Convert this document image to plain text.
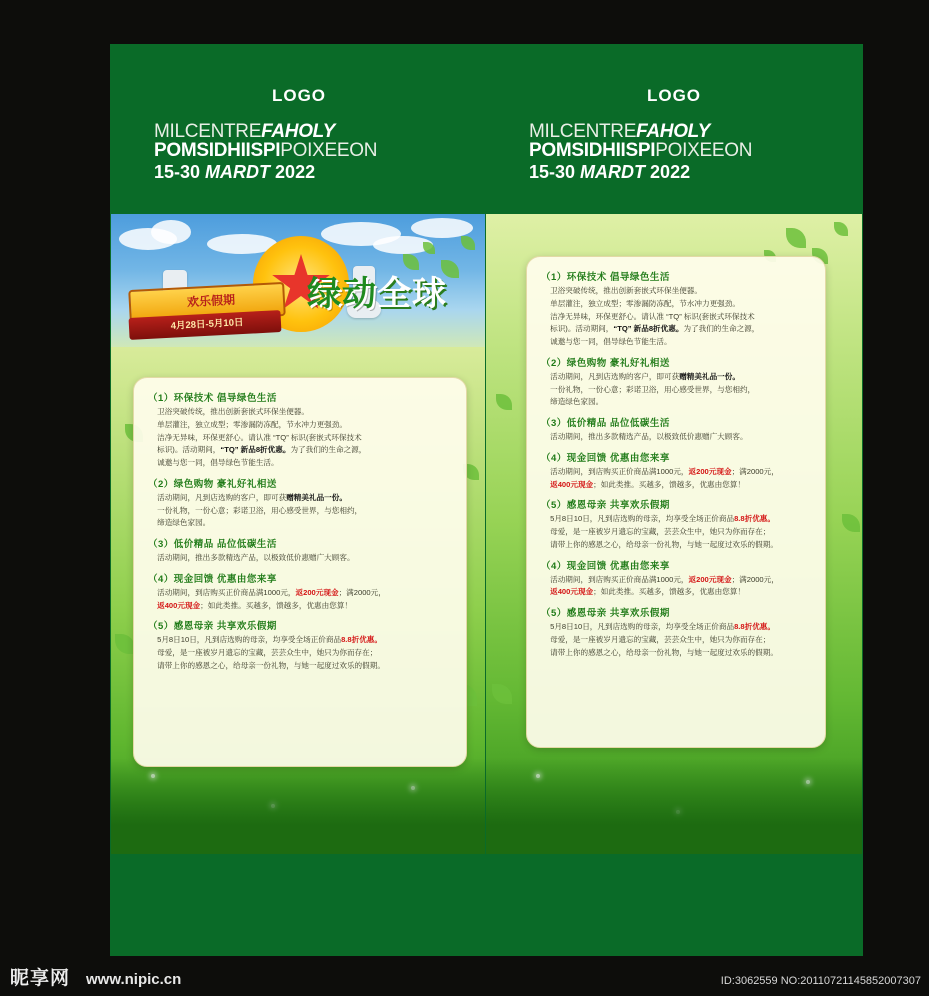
LOGO
MILCENTREFAHOLY
POMSIDHIISPIPOIXEEON
15-30 MARDT 2022
欢乐假期
4月28日-5月10日
绿动全球
（1）环保技术 倡导绿色生活

卫浴突破传统，推出创新套嵌式环保坐便器。

单层灌注，独立成型；零渗漏防冻配，节水冲力更强劲。

洁净无异味，环保更舒心。请认准 “TQ” 标识(套嵌式环保技术

标识)。活动期间，“TQ” 新品8折优惠。为了我们的生命之源，

诚邀与您一同，倡导绿色节能生活。

（2）绿色购物 豪礼好礼相送

活动期间，凡到店选购的客户，即可获赠精美礼品一份。

一份礼物，一份心意；彩诺卫浴，用心感受世界，与您相约，

缔造绿色家园。

（3）低价精品 品位低碳生活

活动期间，推出多款精选产品，以极致低价惠赠广大顾客。

（4）现金回馈 优惠由您来享

活动期间，到店购买正价商品满1000元，返200元现金；满2000元，

返400元现金；如此类推。买越多，馈越多，优惠由您算！

（5）感恩母亲 共享欢乐假期

5月8日10日，凡到店选购的母亲，均享受全场正价商品8.8折优惠。

母爱，是一座被岁月遗忘的宝藏，芸芸众生中，她只为你而存在；

请带上你的感恩之心，给母亲一份礼物，与她一起度过欢乐的假期。

LOGO
MILCENTREFAHOLY
POMSIDHIISPIPOIXEEON
15-30 MARDT 2022
（1）环保技术 倡导绿色生活

卫浴突破传统，推出创新套嵌式环保坐便器。

单层灌注，独立成型；零渗漏防冻配，节水冲力更强劲。

洁净无异味，环保更舒心。请认准 “TQ” 标识(套嵌式环保技术

标识)。活动期间，“TQ” 新品8折优惠。为了我们的生命之源，

诚邀与您一同，倡导绿色节能生活。

（2）绿色购物 豪礼好礼相送

活动期间，凡到店选购的客户，即可获赠精美礼品一份。

一份礼物，一份心意；彩诺卫浴，用心感受世界，与您相约，

缔造绿色家园。

（3）低价精品 品位低碳生活

活动期间，推出多款精选产品，以极致低价惠赠广大顾客。

（4）现金回馈 优惠由您来享

活动期间，到店购买正价商品满1000元，返200元现金；满2000元，

返400元现金；如此类推。买越多，馈越多，优惠由您算！

（5）感恩母亲 共享欢乐假期

5月8日10日，凡到店选购的母亲，均享受全场正价商品8.8折优惠。

母爱，是一座被岁月遗忘的宝藏，芸芸众生中，她只为你而存在；

请带上你的感恩之心，给母亲一份礼物，与她一起度过欢乐的假期。

（4）现金回馈 优惠由您来享

活动期间，到店购买正价商品满1000元，返200元现金；满2000元，

返400元现金；如此类推。买越多，馈越多，优惠由您算！

（5）感恩母亲 共享欢乐假期

5月8日10日，凡到店选购的母亲，均享受全场正价商品8.8折优惠。

母爱，是一座被岁月遗忘的宝藏，芸芸众生中，她只为你而存在；

请带上你的感恩之心，给母亲一份礼物，与她一起度过欢乐的假期。

昵享网 www.nipic.cn	ID:3062559 NO:20110721145852007307
